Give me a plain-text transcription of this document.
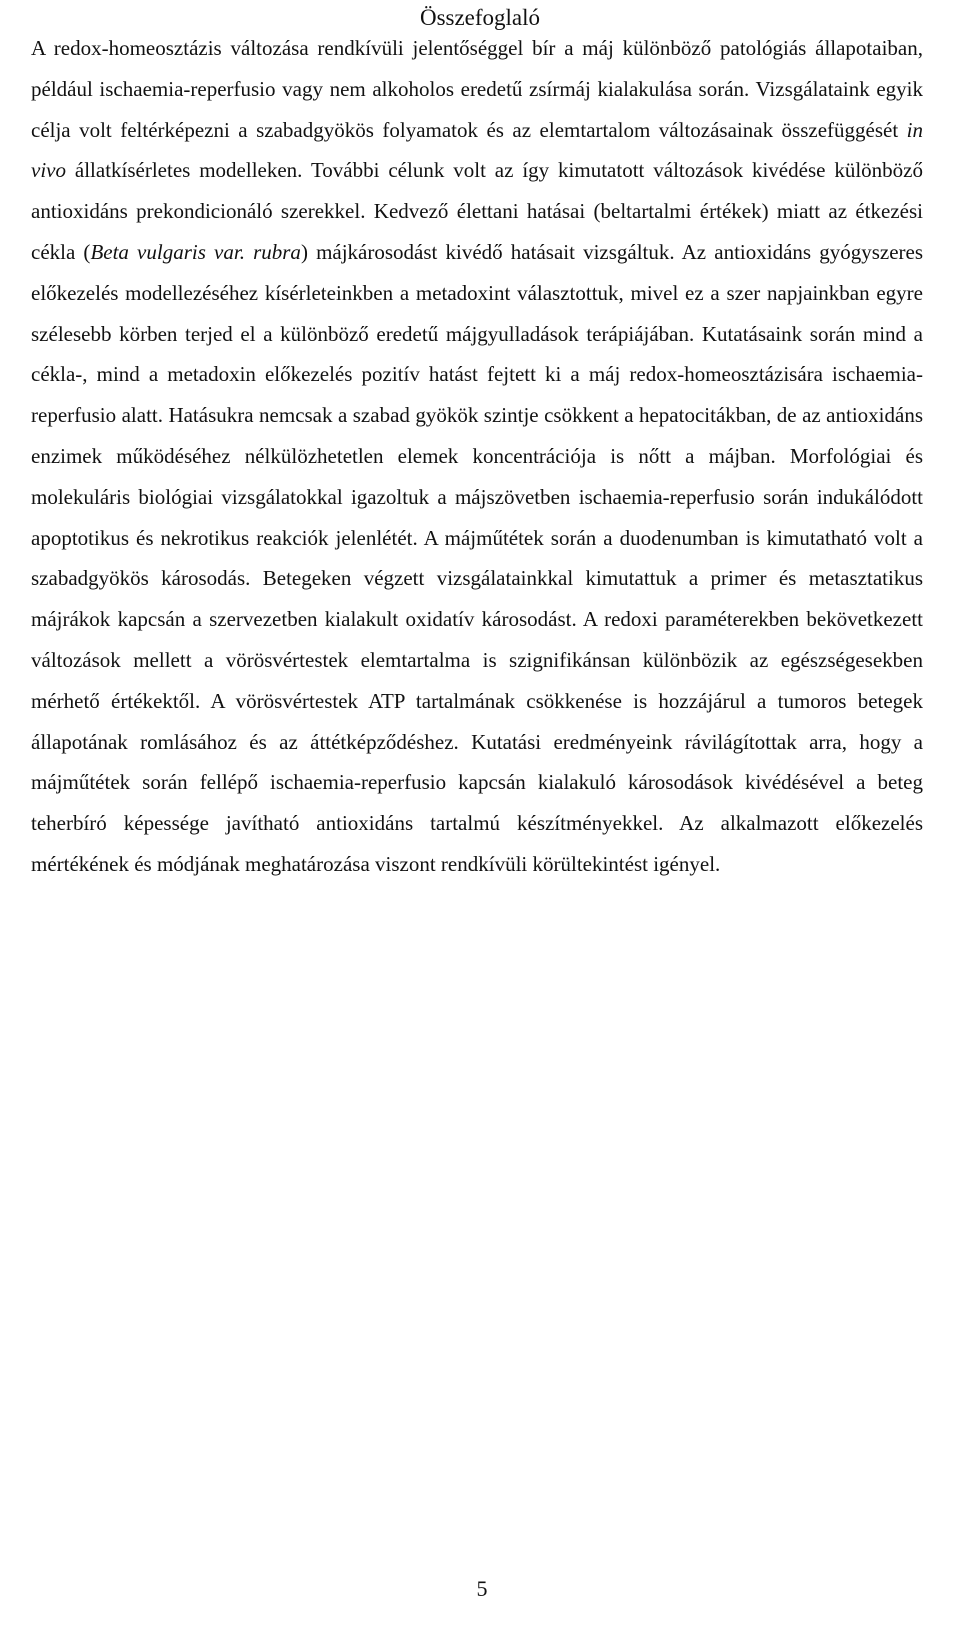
Összefoglaló

A redox-homeosztázis változása rendkívüli jelentőséggel bír a máj különböző patológiás állapotaiban, például ischaemia-reperfusio vagy nem alkoholos eredetű zsírmáj kialakulása során. Vizsgálataink egyik célja volt feltérképezni a szabadgyökös folyamatok és az elemtartalom változásainak összefüggését in vivo állatkísérletes modelleken. További célunk volt az így kimutatott változások kivédése különböző antioxidáns prekondicionáló szerekkel. Kedvező élettani hatásai (beltartalmi értékek) miatt az étkezési cékla (Beta vulgaris var. rubra) májkárosodást kivédő hatásait vizsgáltuk. Az antioxidáns gyógyszeres előkezelés modellezéséhez kísérleteinkben a metadoxint választottuk, mivel ez a szer napjainkban egyre szélesebb körben terjed el a különböző eredetű májgyulladások terápiájában. Kutatásaink során mind a cékla-, mind a metadoxin előkezelés pozitív hatást fejtett ki a máj redox-homeosztázisára ischaemia-reperfusio alatt. Hatásukra nemcsak a szabad gyökök szintje csökkent a hepatocitákban, de az antioxidáns enzimek működéséhez nélkülözhetetlen elemek koncentrációja is nőtt a májban. Morfológiai és molekuláris biológiai vizsgálatokkal igazoltuk a májszövetben ischaemia-reperfusio során indukálódott apoptotikus és nekrotikus reakciók jelenlétét. A májműtétek során a duodenumban is kimutatható volt a szabadgyökös károsodás. Betegeken végzett vizsgálatainkkal kimutattuk a primer és metasztatikus májrákok kapcsán a szervezetben kialakult oxidatív károsodást. A redoxi paraméterekben bekövetkezett változások mellett a vörösvértestek elemtartalma is szignifikánsan különbözik az egészségesekben mérhető értékektől. A vörösvértestek ATP tartalmának csökkenése is hozzájárul a tumoros betegek állapotának romlásához és az áttétképződéshez. Kutatási eredményeink rávilágítottak arra, hogy a májműtétek során fellépő ischaemia-reperfusio kapcsán kialakuló károsodások kivédésével a beteg teherbíró képessége javítható antioxidáns tartalmú készítményekkel. Az alkalmazott előkezelés mértékének és módjának meghatározása viszont rendkívüli körültekintést igényel.

5
